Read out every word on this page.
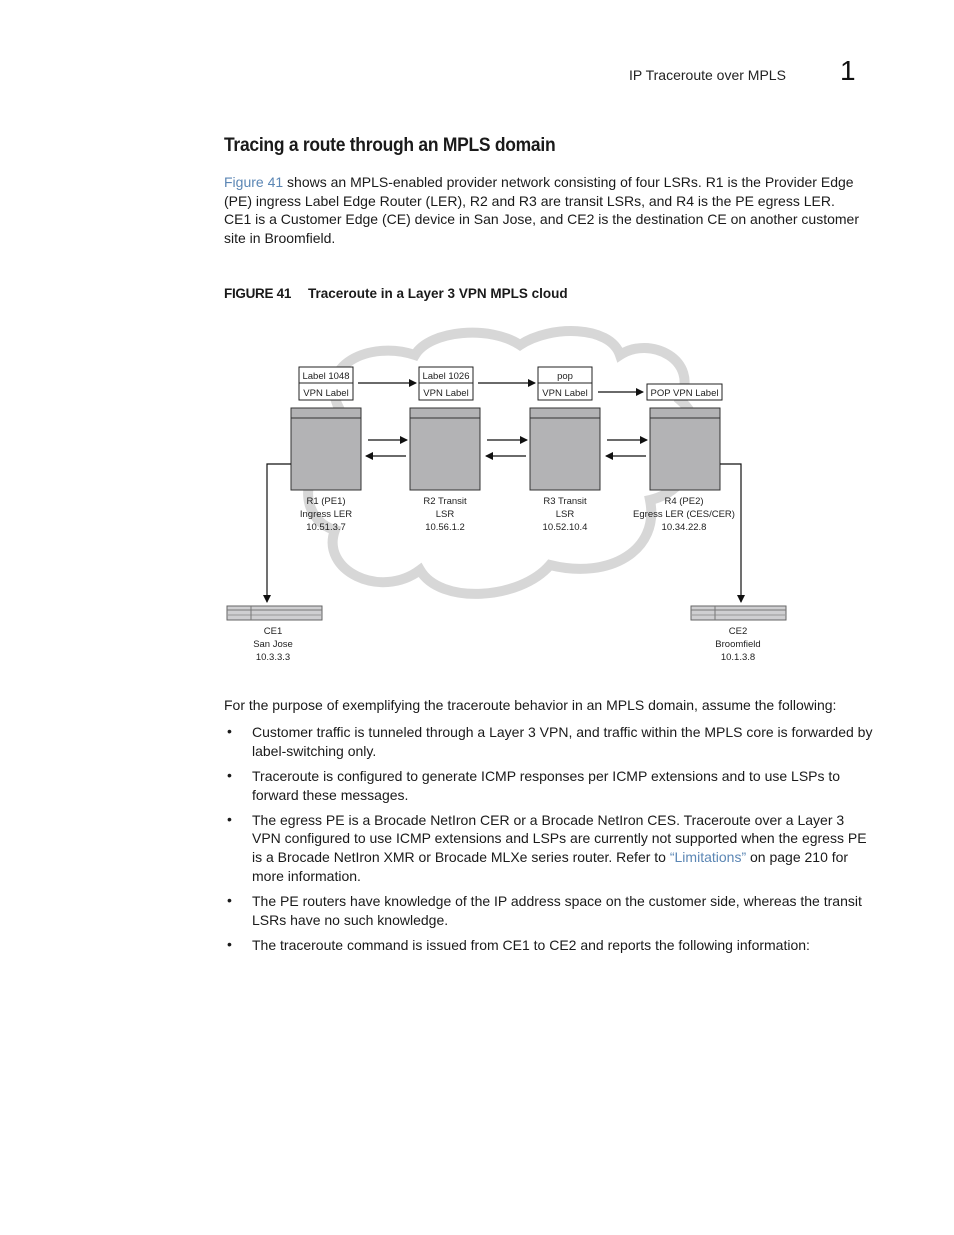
IP Traceroute over MPLS 1
Tracing a route through an MPLS domain

Figure 41 shows an MPLS-enabled provider network consisting of four LSRs. R1 is the Provider Edge (PE) ingress Label Edge Router (LER), R2 and R3 are transit LSRs, and R4 is the PE egress LER. CE1 is a Customer Edge (CE) device in San Jose, and CE2 is the destination CE on another customer site in Broomfield.

FIGURE 41 Traceroute in a Layer 3 VPN MPLS cloud
Label 1048
VPN Label
Label 1026
VPN Label
pop
VPN Label	POP VPN Label
R1 (PE1)
Ingress LER
10.51.3.7
R2 Transit
LSR
10.56.1.2
R3 Transit
LSR
10.52.10.4
R4 (PE2)
Egress LER (CES/CER)
10.34.22.8
CE1
San Jose
10.3.3.3
CE2
Broomfield
10.1.3.8

For the purpose of exemplifying the traceroute behavior in an MPLS domain, assume the following:

• Customer traffic is tunneled through a Layer 3 VPN, and traffic within the MPLS core is forwarded by label-switching only.
• Traceroute is configured to generate ICMP responses per ICMP extensions and to use LSPs to forward these messages.
• The egress PE is a Brocade NetIron CER or a Brocade NetIron CES. Traceroute over a Layer 3 VPN configured to use ICMP extensions and LSPs are currently not supported when the egress PE is a Brocade NetIron XMR or Brocade MLXe series router. Refer to “Limitations” on page 210 for more information.
• The PE routers have knowledge of the IP address space on the customer side, whereas the transit LSRs have no such knowledge.
• The traceroute command is issued from CE1 to CE2 and reports the following information:
